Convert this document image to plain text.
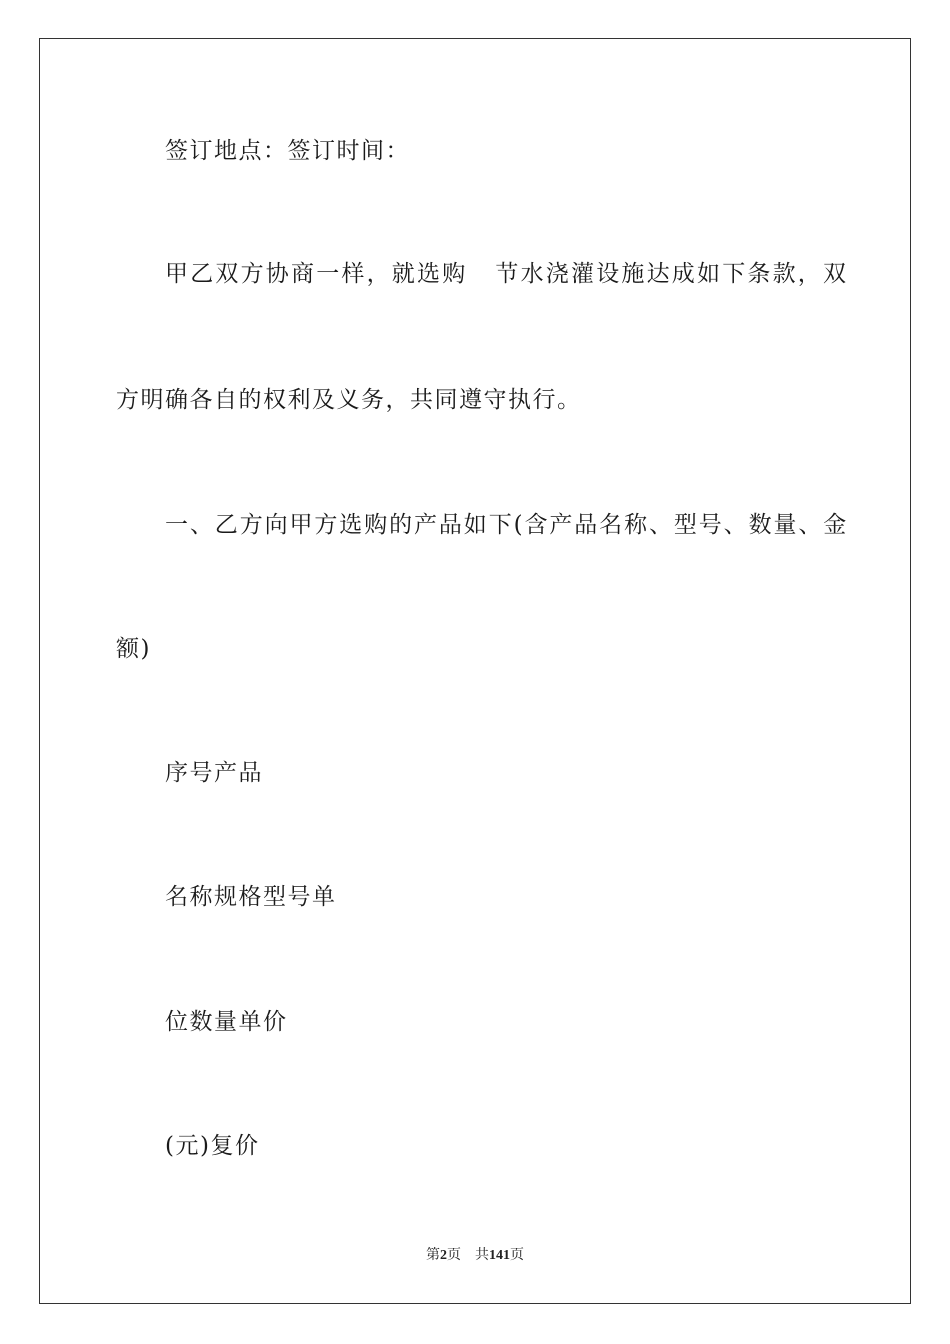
签订地点：签订时间：
甲乙双方协商一样，就选购 节水浇灌设施达成如下条款，双
方明确各自的权利及义务，共同遵守执行。
一、乙方向甲方选购的产品如下(含产品名称、型号、数量、金
额)
序号产品
名称规格型号单
位数量单价
(元)复价
第2页 共141页
